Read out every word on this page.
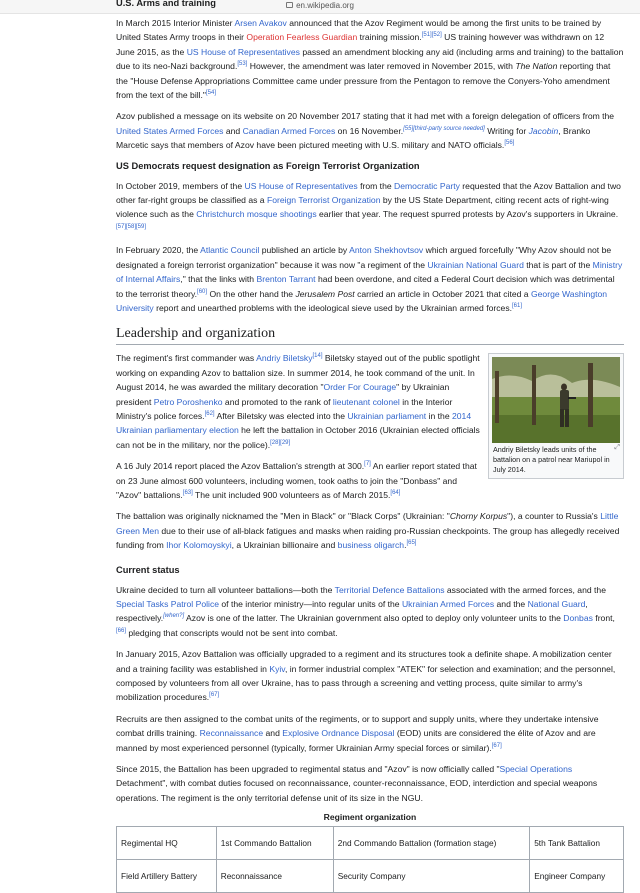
en.wikipedia.org
U.S. Arms and training

In March 2015 Interior Minister Arsen Avakov announced that the Azov Regiment would be among the first units to be trained by United States Army troops in their Operation Fearless Guardian training mission.[51][52] US training however was withdrawn on 12 June 2015, as the US House of Representatives passed an amendment blocking any aid (including arms and training) to the battalion due to its neo-Nazi background.[53] However, the amendment was later removed in November 2015, with The Nation reporting that the "House Defense Appropriations Committee came under pressure from the Pentagon to remove the Conyers-Yoho amendment from the text of the bill."[54]

Azov published a message on its website on 20 November 2017 stating that it had met with a foreign delegation of officers from the United States Armed Forces and Canadian Armed Forces on 16 November.[55][third-party source needed] Writing for Jacobin, Branko Marcetic says that members of Azov have been pictured meeting with U.S. military and NATO officials.[56]

US Democrats request designation as Foreign Terrorist Organization

In October 2019, members of the US House of Representatives from the Democratic Party requested that the Azov Battalion and two other far-right groups be classified as a Foreign Terrorist Organization by the US State Department, citing recent acts of right-wing violence such as the Christchurch mosque shootings earlier that year. The request spurred protests by Azov's supporters in Ukraine.[57][58][59]

In February 2020, the Atlantic Council published an article by Anton Shekhovtsov which argued forcefully "Why Azov should not be designated a foreign terrorist organization" because it was now "a regiment of the Ukrainian National Guard that is part of the Ministry of Internal Affairs," that the links with Brenton Tarrant had been overdone, and cited a Federal Court decision which was detrimental to the terrorist theory.[60] On the other hand the Jerusalem Post carried an article in October 2021 that cited a George Washington University report and unearthed problems with the ideological sieve used by the Ukrainian armed forces.[61]

Leadership and organization
⤢
Andriy Biletsky leads units of the battalion on a patrol near Mariupol in July 2014.

The regiment's first commander was Andriy Biletsky[14] Biletsky stayed out of the public spotlight working on expanding Azov to battalion size. In summer 2014, he took command of the unit. In August 2014, he was awarded the military decoration "Order For Courage" by Ukrainian president Petro Poroshenko and promoted to the rank of lieutenant colonel in the Interior Ministry's police forces.[62] After Biletsky was elected into the Ukrainian parliament in the 2014 Ukrainian parliamentary election he left the battalion in October 2016 (Ukrainian elected officials can not be in the military, nor the police).[28][29]

A 16 July 2014 report placed the Azov Battalion's strength at 300.[7] An earlier report stated that on 23 June almost 600 volunteers, including women, took oaths to join the "Donbass" and "Azov" battalions.[63] The unit included 900 volunteers as of March 2015.[64]

The battalion was originally nicknamed the "Men in Black" or "Black Corps" (Ukrainian: "Chorny Korpus"), a counter to Russia's Little Green Men due to their use of all-black fatigues and masks when raiding pro-Russian checkpoints. The group has allegedly received funding from Ihor Kolomoyskyi, a Ukrainian billionaire and business oligarch.[65]

Current status

Ukraine decided to turn all volunteer battalions—both the Territorial Defence Battalions associated with the armed forces, and the Special Tasks Patrol Police of the interior ministry—into regular units of the Ukrainian Armed Forces and the National Guard, respectively.[when?] Azov is one of the latter. The Ukrainian government also opted to deploy only volunteer units to the Donbas front,[66] pledging that conscripts would not be sent into combat.

In January 2015, Azov Battalion was officially upgraded to a regiment and its structures took a definite shape. A mobilization center and a training facility was established in Kyiv, in former industrial complex "ATEK" for selection and examination; and the personnel, composed by volunteers from all over Ukraine, has to pass through a screening and vetting process, quite similar to army's mobilization procedures.[67]

Recruits are then assigned to the combat units of the regiments, or to support and supply units, where they undertake intensive combat drills training. Reconnaissance and Explosive Ordnance Disposal (EOD) units are considered the élite of Azov and are manned by most experienced personnel (typically, former Ukrainian Army special forces or similar).[67]

Since 2015, the Battalion has been upgraded to regimental status and "Azov" is now officially called "Special Operations Detachment", with combat duties focused on reconnaissance, counter-reconnaissance, EOD, interdiction and special weapons operations. The regiment is the only territorial defense unit of its size in the NGU.

Regiment organization
Regimental HQ	1st Commando Battalion	2nd Commando Battalion (formation stage)	5th Tank Battalion
Field Artillery Battery	Reconnaissance	Security Company	Engineer Company
